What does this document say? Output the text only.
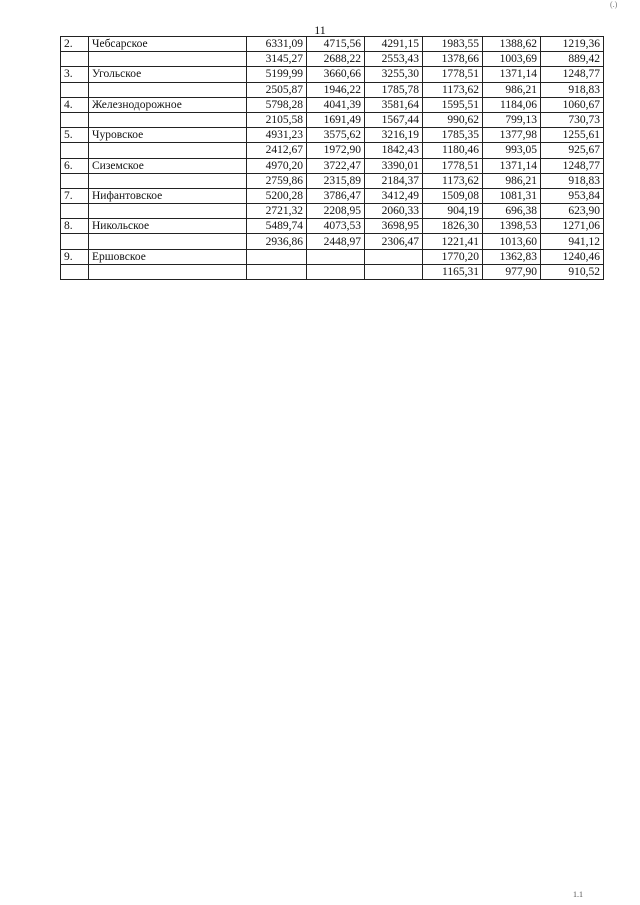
(.)
11
2.	Чебсарское	6331,09	4715,56	4291,15	1983,55	1388,62	1219,36
		3145,27	2688,22	2553,43	1378,66	1003,69	889,42
3.	Угольское	5199,99	3660,66	3255,30	1778,51	1371,14	1248,77
		2505,87	1946,22	1785,78	1173,62	986,21	918,83
4.	Железнодорожное	5798,28	4041,39	3581,64	1595,51	1184,06	1060,67
		2105,58	1691,49	1567,44	990,62	799,13	730,73
5.	Чуровское	4931,23	3575,62	3216,19	1785,35	1377,98	1255,61
		2412,67	1972,90	1842,43	1180,46	993,05	925,67
6.	Сиземское	4970,20	3722,47	3390,01	1778,51	1371,14	1248,77
		2759,86	2315,89	2184,37	1173,62	986,21	918,83
7.	Нифантовское	5200,28	3786,47	3412,49	1509,08	1081,31	953,84
		2721,32	2208,95	2060,33	904,19	696,38	623,90
8.	Никольское	5489,74	4073,53	3698,95	1826,30	1398,53	1271,06
		2936,86	2448,97	2306,47	1221,41	1013,60	941,12
9.	Ершовское				1770,20	1362,83	1240,46
					1165,31	977,90	910,52
1.1
